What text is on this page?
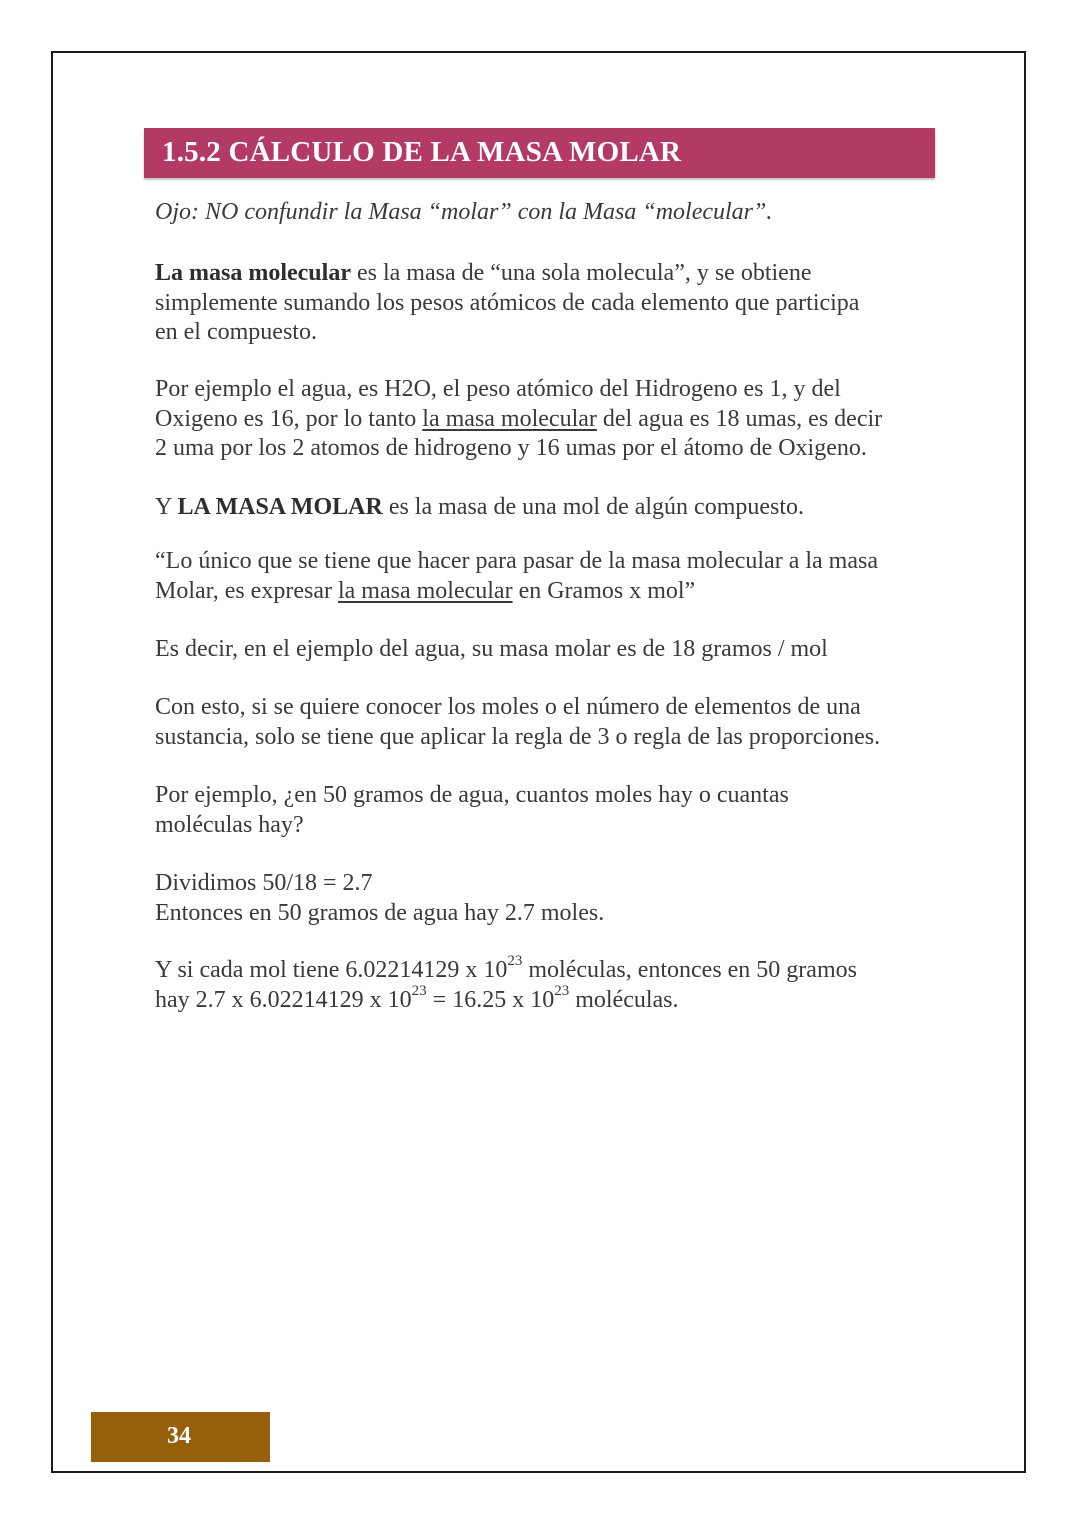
1.5.2 CÁLCULO DE LA MASA MOLAR

Ojo: NO confundir la Masa “molar” con la Masa “molecular”.

La masa molecular es la masa de “una sola molecula”, y se obtiene
simplemente sumando los pesos atómicos de cada elemento que participa
en el compuesto.

Por ejemplo el agua, es H2O, el peso atómico del Hidrogeno es 1, y del
Oxigeno es 16, por lo tanto la masa molecular del agua es 18 umas, es decir
2 uma por los 2 atomos de hidrogeno y 16 umas por el átomo de Oxigeno.

Y LA MASA MOLAR es la masa de una mol de algún compuesto.

“Lo único que se tiene que hacer para pasar de la masa molecular a la masa
Molar, es expresar la masa molecular en Gramos x mol”

Es decir, en el ejemplo del agua, su masa molar es de 18 gramos / mol

Con esto, si se quiere conocer los moles o el número de elementos de una
sustancia, solo se tiene que aplicar la regla de 3 o regla de las proporciones.

Por ejemplo, ¿en 50 gramos de agua, cuantos moles hay o cuantas
moléculas hay?

Dividimos 50/18 = 2.7
Entonces en 50 gramos de agua hay 2.7 moles.

Y si cada mol tiene 6.02214129 x $10^{23}$ moléculas, entonces en 50 gramos
hay 2.7 x 6.02214129 x $10^{23} = 16.25$ x $10^{23}$ moléculas.

34
